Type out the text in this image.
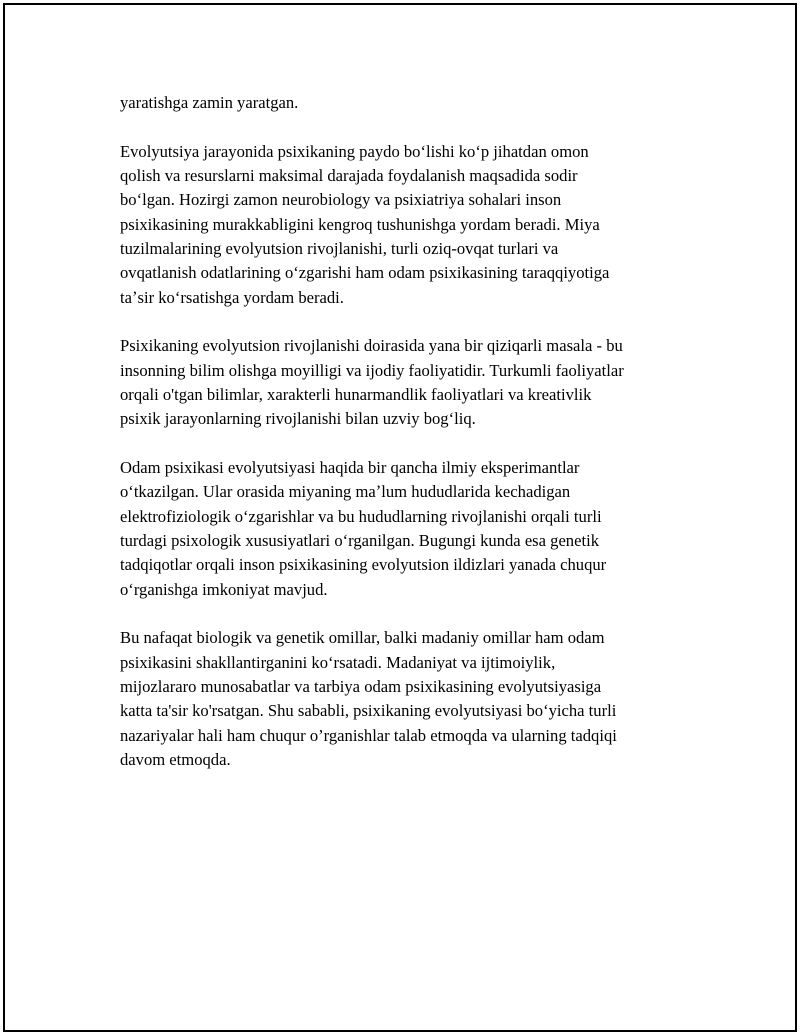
yaratishga zamin yaratgan.

Evolyutsiya jarayonida psixikaning paydo boʻlishi koʻp jihatdan omon
qolish va resurslarni maksimal darajada foydalanish maqsadida sodir
boʻlgan. Hozirgi zamon neurobiology va psixiatriya sohalari inson
psixikasining murakkabligini kengroq tushunishga yordam beradi. Miya
tuzilmalarining evolyutsion rivojlanishi, turli oziq-ovqat turlari va
ovqatlanish odatlarining oʻzgarishi ham odam psixikasining taraqqiyotiga
taʼsir koʻrsatishga yordam beradi.

Psixikaning evolyutsion rivojlanishi doirasida yana bir qiziqarli masala - bu
insonning bilim olishga moyilligi va ijodiy faoliyatidir. Turkumli faoliyatlar
orqali o'tgan bilimlar, xarakterli hunarmandlik faoliyatlari va kreativlik
psixik jarayonlarning rivojlanishi bilan uzviy bogʻliq.

Odam psixikasi evolyutsiyasi haqida bir qancha ilmiy eksperimantlar
oʻtkazilgan. Ular orasida miyaning maʼlum hududlarida kechadigan
elektrofiziologik oʻzgarishlar va bu hududlarning rivojlanishi orqali turli
turdagi psixologik xususiyatlari oʻrganilgan. Bugungi kunda esa genetik
tadqiqotlar orqali inson psixikasining evolyutsion ildizlari yanada chuqur
oʻrganishga imkoniyat mavjud.

Bu nafaqat biologik va genetik omillar, balki madaniy omillar ham odam
psixikasini shakllantirganini koʻrsatadi. Madaniyat va ijtimoiylik,
mijozlararo munosabatlar va tarbiya odam psixikasining evolyutsiyasiga
katta ta'sir ko'rsatgan. Shu sababli, psixikaning evolyutsiyasi boʻyicha turli
nazariyalar hali ham chuqur o’rganishlar talab etmoqda va ularning tadqiqi
davom etmoqda.
